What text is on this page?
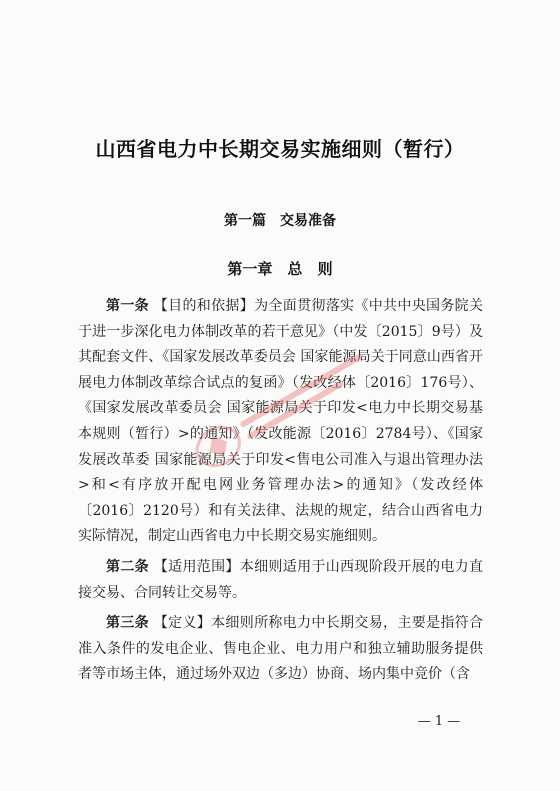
山西省电力中长期交易实施细则（暂行）
第一篇　交易准备
第一章　总 则

第一条 【目的和依据】为全面贯彻落实《中共中央国务院关于进一步深化电力体制改革的若干意见》（中发〔2015〕9号）及其配套文件、《国家发展改革委员会 国家能源局关于同意山西省开展电力体制改革综合试点的复函》（发改经体〔2016〕176号）、《国家发展改革委员会 国家能源局关于印发<电力中长期交易基本规则（暂行）>的通知》（发改能源〔2016〕2784号）、《国家发展改革委 国家能源局关于印发<售电公司准入与退出管理办法>和<有序放开配电网业务管理办法>的通知》（发改经体〔2016〕2120号）和有关法律、法规的规定，结合山西省电力实际情况，制定山西省电力中长期交易实施细则。

第二条 【适用范围】本细则适用于山西现阶段开展的电力直接交易、合同转让交易等。

第三条 【定义】本细则所称电力中长期交易，主要是指符合准入条件的发电企业、售电企业、电力用户和独立辅助服务提供者等市场主体，通过场外双边（多边）协商、场内集中竞价（含

— 1 —
